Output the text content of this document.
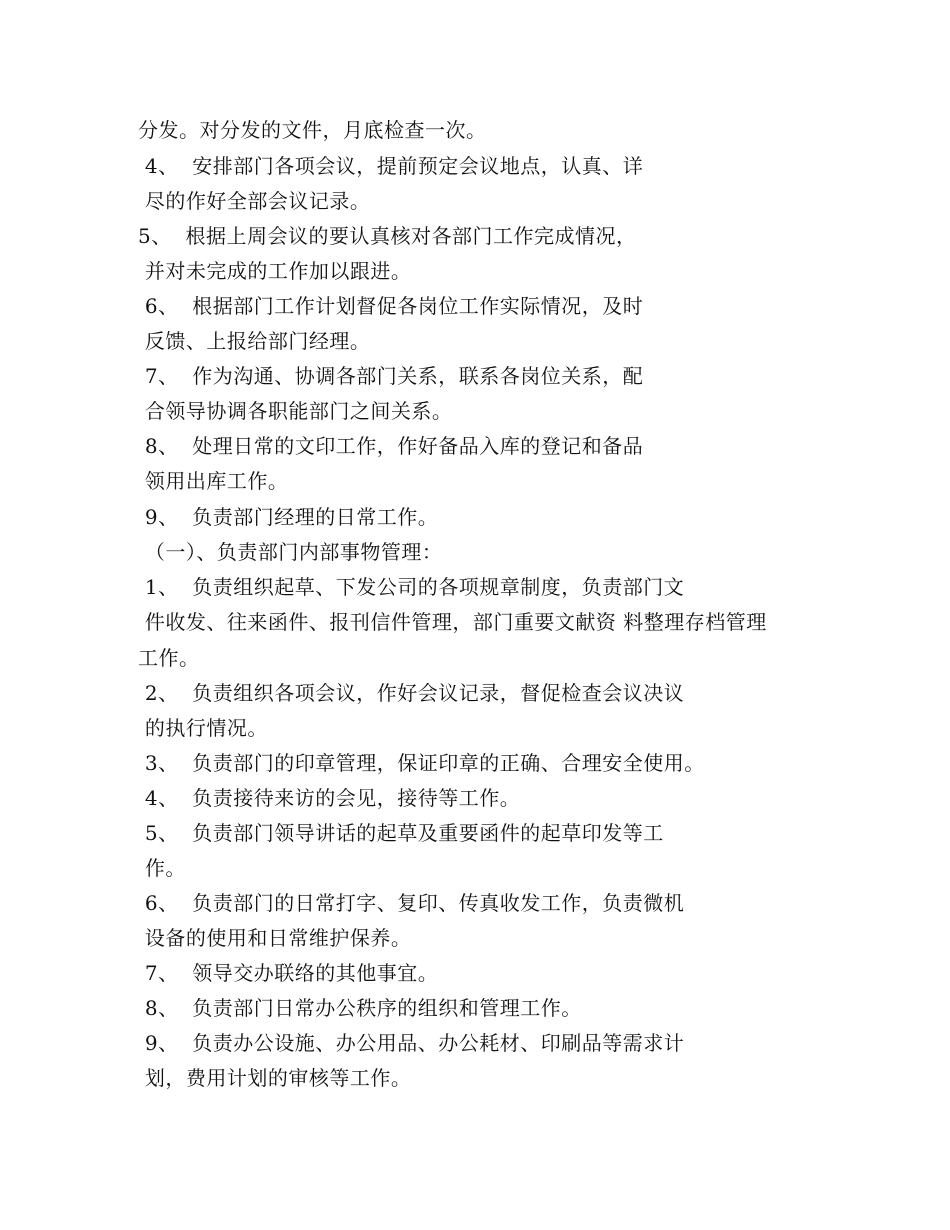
分发。对分发的文件，月底检查一次。
4、  安排部门各项会议，提前预定会议地点，认真、详
尽的作好全部会议记录。
5、  根据上周会议的要认真核对各部门工作完成情况，
并对未完成的工作加以跟进。
6、  根据部门工作计划督促各岗位工作实际情况，及时
反馈、上报给部门经理。
7、  作为沟通、协调各部门关系，联系各岗位关系，配
合领导协调各职能部门之间关系。
8、  处理日常的文印工作，作好备品入库的登记和备品
领用出库工作。
9、  负责部门经理的日常工作。
（一）、负责部门内部事物管理：
1、  负责组织起草、下发公司的各项规章制度，负责部门文
件收发、往来函件、报刊信件管理，部门重要文献资 料整理存档管理
工作。
2、  负责组织各项会议，作好会议记录，督促检查会议决议
的执行情况。
3、  负责部门的印章管理，保证印章的正确、合理安全使用。
4、  负责接待来访的会见，接待等工作。
5、  负责部门领导讲话的起草及重要函件的起草印发等工
作。
6、  负责部门的日常打字、复印、传真收发工作，负责微机
设备的使用和日常维护保养。
7、  领导交办联络的其他事宜。
8、  负责部门日常办公秩序的组织和管理工作。
9、  负责办公设施、办公用品、办公耗材、印刷品等需求计
划，费用计划的审核等工作。
